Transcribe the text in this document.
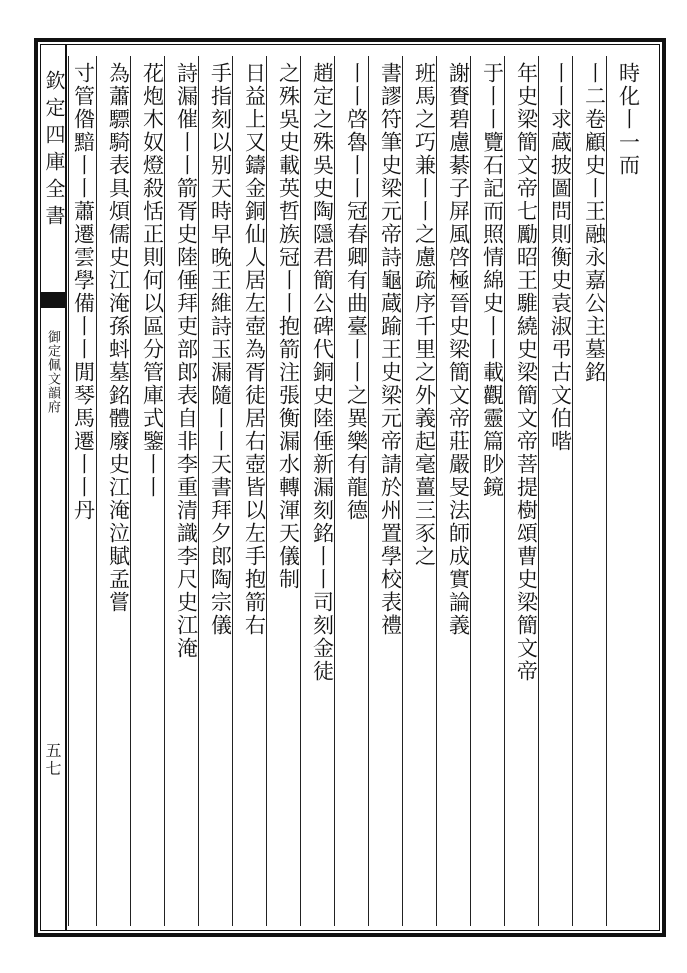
欽定四庫全書
御定佩文韻府
五七
時化丨一而
丨二卷顧史丨王融永嘉公主墓銘
丨丨求蔵披圖問則衡史袁淑弔古文伯喈
年史梁簡文帝七勵昭王騅繞史梁簡文帝菩提樹頌曹史梁簡文帝
于丨丨覽石記而照情綿史丨丨載觀靈篇眇鏡
謝賚碧慮綦子屏風啓極晉史梁簡文帝莊嚴旻法師成實論義
班馬之巧兼丨丨之慮疏序千里之外義起毫薑三豕之
書謬符筆史梁元帝詩龜蔵踰王史梁元帝請於州置學校表禮
丨丨啓魯丨丨冠春卿有曲臺丨丨之異樂有龍德
趙定之殊吳史陶隱君簡公碑代銅史陸倕新漏刻銘丨丨司刻金徒
之殊吳史載英哲族冠丨丨抱箭注張衡漏水轉渾天儀制
日益上又鑄金銅仙人居左壺為胥徒居右壺皆以左手抱箭右
手指刻以别天時早晚王維詩玉漏隨丨丨天書拜夕郎陶宗儀
詩漏催丨丨箭胥史陸倕拜吏部郎表自非李重清識李尺史江淹
花炮木奴燈殺恬正則何以區分管庫式鑒丨丨
為蕭驃騎表具煩儒史江淹孫蚪墓銘體廢史江淹泣賦孟嘗
寸管偺黯丨丨蕭遷雲學備丨丨閒琴馬遷丨丨丹
